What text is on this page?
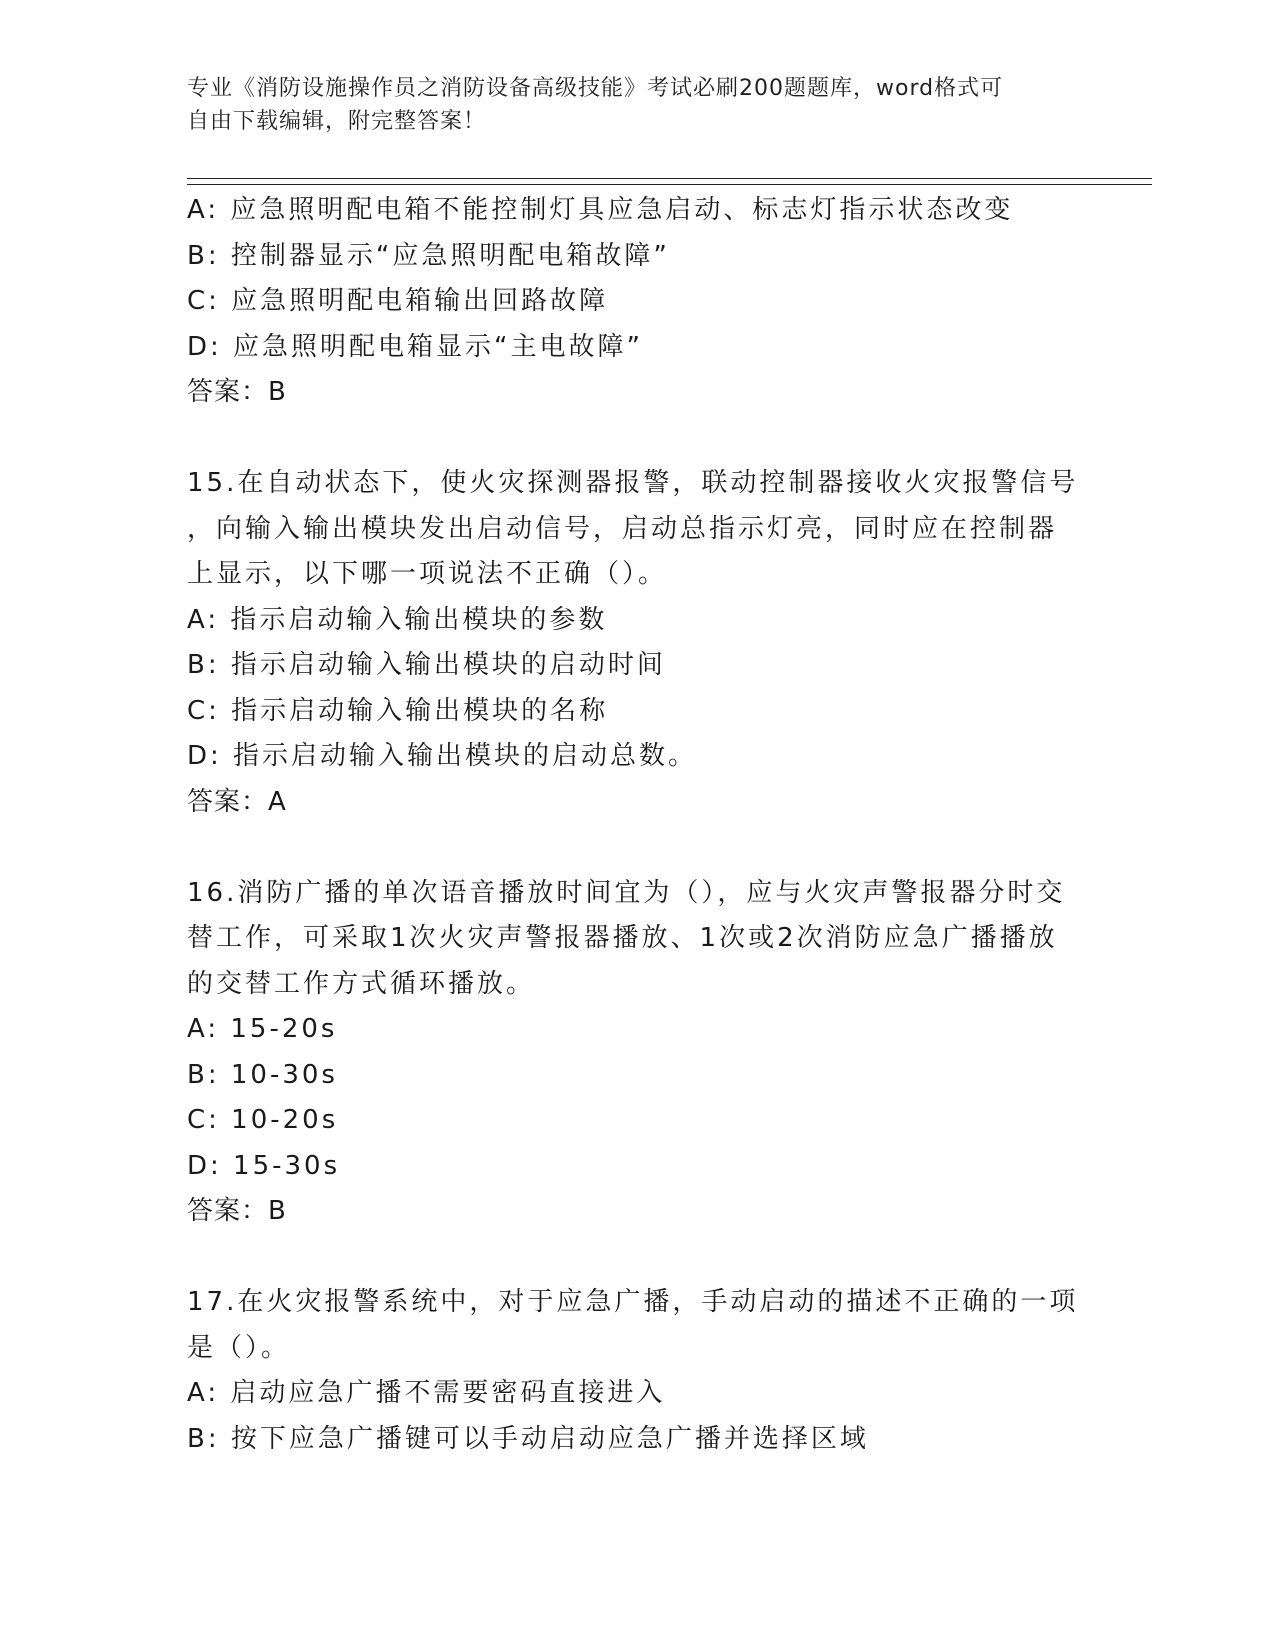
专业《消防设施操作员之消防设备高级技能》考试必刷200题题库，word格式可
自由下载编辑，附完整答案！
A: 应急照明配电箱不能控制灯具应急启动、标志灯指示状态改变
B: 控制器显示“应急照明配电箱故障”
C: 应急照明配电箱输出回路故障
D: 应急照明配电箱显示“主电故障”
答案：B
15.在自动状态下，使火灾探测器报警，联动控制器接收火灾报警信号
，向输入输出模块发出启动信号，启动总指示灯亮，同时应在控制器
上显示，以下哪一项说法不正确（）。
A: 指示启动输入输出模块的参数
B: 指示启动输入输出模块的启动时间
C: 指示启动输入输出模块的名称
D: 指示启动输入输出模块的启动总数。
答案：A
16.消防广播的单次语音播放时间宜为（），应与火灾声警报器分时交
替工作，可采取1次火灾声警报器播放、1次或2次消防应急广播播放
的交替工作方式循环播放。
A: 15-20s
B: 10-30s
C: 10-20s
D: 15-30s
答案：B
17.在火灾报警系统中，对于应急广播，手动启动的描述不正确的一项
是（）。
A: 启动应急广播不需要密码直接进入
B: 按下应急广播键可以手动启动应急广播并选择区域
